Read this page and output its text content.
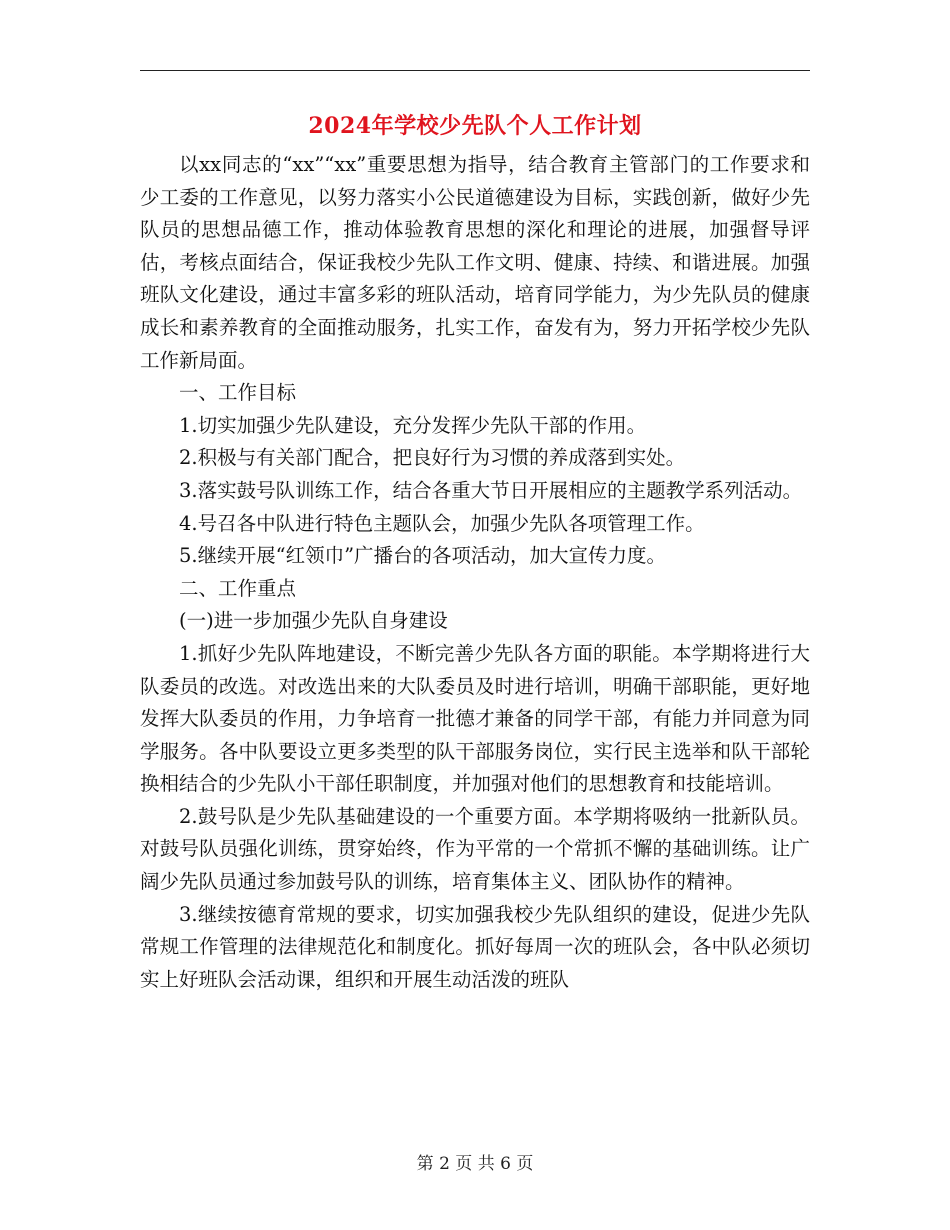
2024年学校少先队个人工作计划

以xx同志的“xx”“xx”重要思想为指导，结合教育主管部门的工作要求和少工委的工作意见，以努力落实小公民道德建设为目标，实践创新，做好少先队员的思想品德工作，推动体验教育思想的深化和理论的进展，加强督导评估，考核点面结合，保证我校少先队工作文明、健康、持续、和谐进展。加强班队文化建设，通过丰富多彩的班队活动，培育同学能力，为少先队员的健康成长和素养教育的全面推动服务，扎实工作，奋发有为，努力开拓学校少先队工作新局面。

一、工作目标

1.切实加强少先队建设，充分发挥少先队干部的作用。

2.积极与有关部门配合，把良好行为习惯的养成落到实处。

3.落实鼓号队训练工作，结合各重大节日开展相应的主题教学系列活动。

4.号召各中队进行特色主题队会，加强少先队各项管理工作。

5.继续开展“红领巾”广播台的各项活动，加大宣传力度。

二、工作重点

(一)进一步加强少先队自身建设

1.抓好少先队阵地建设，不断完善少先队各方面的职能。本学期将进行大队委员的改选。对改选出来的大队委员及时进行培训，明确干部职能，更好地发挥大队委员的作用，力争培育一批德才兼备的同学干部，有能力并同意为同学服务。各中队要设立更多类型的队干部服务岗位，实行民主选举和队干部轮换相结合的少先队小干部任职制度，并加强对他们的思想教育和技能培训。

2.鼓号队是少先队基础建设的一个重要方面。本学期将吸纳一批新队员。对鼓号队员强化训练，贯穿始终，作为平常的一个常抓不懈的基础训练。让广阔少先队员通过参加鼓号队的训练，培育集体主义、团队协作的精神。

3.继续按德育常规的要求，切实加强我校少先队组织的建设，促进少先队常规工作管理的法律规范化和制度化。抓好每周一次的班队会，各中队必须切实上好班队会活动课，组织和开展生动活泼的班队

第 2 页 共 6 页
